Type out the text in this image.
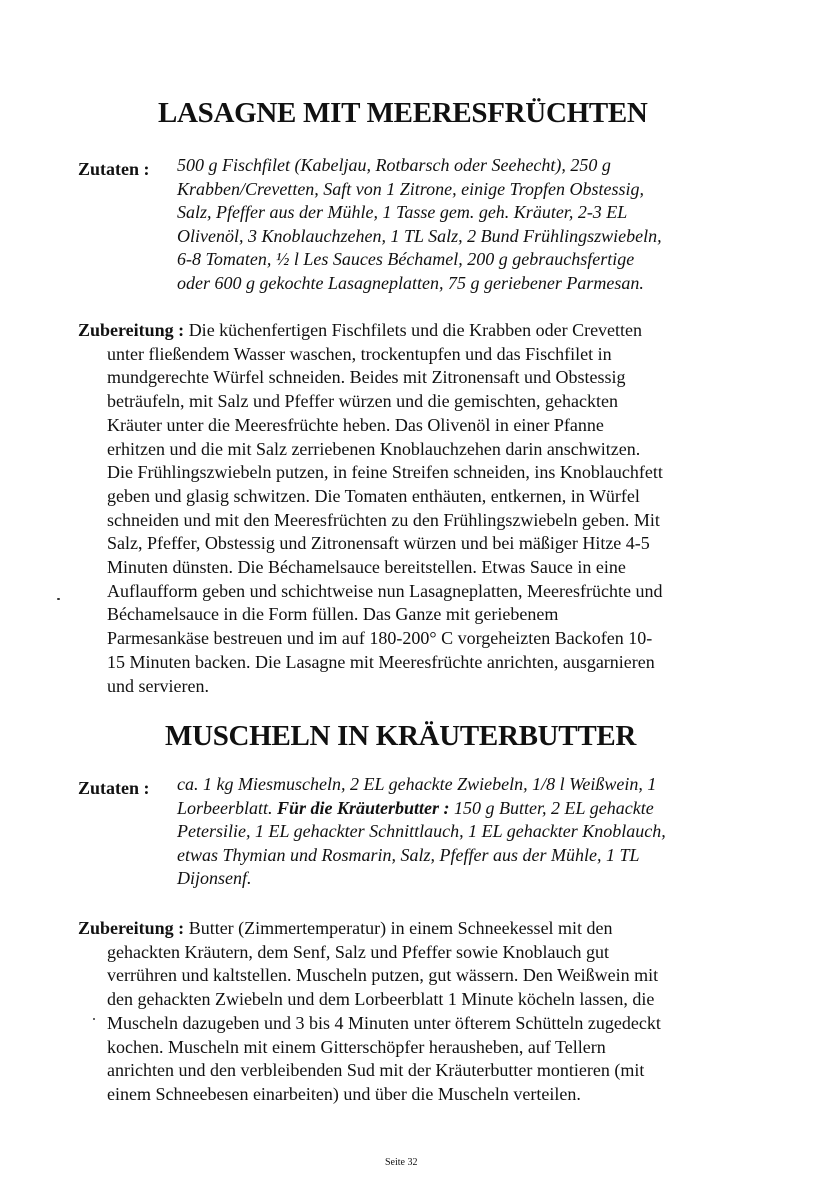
LASAGNE MIT MEERESFRÜCHTEN
Zutaten : 500 g Fischfilet (Kabeljau, Rotbarsch oder Seehecht), 250 g
Krabben/Crevetten, Saft von 1 Zitrone, einige Tropfen Obstessig,
Salz, Pfeffer aus der Mühle, 1 Tasse gem. geh. Kräuter, 2-3 EL
Olivenöl, 3 Knoblauchzehen, 1 TL Salz, 2 Bund Frühlingszwiebeln,
6-8 Tomaten, ½ l Les Sauces Béchamel, 200 g gebrauchsfertige
oder 600 g gekochte Lasagneplatten, 75 g geriebener Parmesan.
Zubereitung : Die küchenfertigen Fischfilets und die Krabben oder Crevetten
unter fließendem Wasser waschen, trockentupfen und das Fischfilet in
mundgerechte Würfel schneiden. Beides mit Zitronensaft und Obstessig
beträufeln, mit Salz und Pfeffer würzen und die gemischten, gehackten
Kräuter unter die Meeresfrüchte heben. Das Olivenöl in einer Pfanne
erhitzen und die mit Salz zerriebenen Knoblauchzehen darin anschwitzen.
Die Frühlingszwiebeln putzen, in feine Streifen schneiden, ins Knoblauchfett
geben und glasig schwitzen. Die Tomaten enthäuten, entkernen, in Würfel
schneiden und mit den Meeresfrüchten zu den Frühlingszwiebeln geben. Mit
Salz, Pfeffer, Obstessig und Zitronensaft würzen und bei mäßiger Hitze 4-5
Minuten dünsten. Die Béchamelsauce bereitstellen. Etwas Sauce in eine
Auflaufform geben und schichtweise nun Lasagneplatten, Meeresfrüchte und
Béchamelsauce in die Form füllen. Das Ganze mit geriebenem
Parmesankäse bestreuen und im auf 180-200° C vorgeheizten Backofen 10-
15 Minuten backen. Die Lasagne mit Meeresfrüchte anrichten, ausgarnieren
und servieren.
MUSCHELN IN KRÄUTERBUTTER
Zutaten : ca. 1 kg Miesmuscheln, 2 EL gehackte Zwiebeln, 1/8 l Weißwein, 1
Lorbeerblatt. Für die Kräuterbutter : 150 g Butter, 2 EL gehackte
Petersilie, 1 EL gehackter Schnittlauch, 1 EL gehackter Knoblauch,
etwas Thymian und Rosmarin, Salz, Pfeffer aus der Mühle, 1 TL
Dijonsenf.
Zubereitung : Butter (Zimmertemperatur) in einem Schneekessel mit den
gehackten Kräutern, dem Senf, Salz und Pfeffer sowie Knoblauch gut
verrühren und kaltstellen. Muscheln putzen, gut wässern. Den Weißwein mit
den gehackten Zwiebeln und dem Lorbeerblatt 1 Minute köcheln lassen, die
Muscheln dazugeben und 3 bis 4 Minuten unter öfterem Schütteln zugedeckt
kochen. Muscheln mit einem Gitterschöpfer herausheben, auf Tellern
anrichten und den verbleibenden Sud mit der Kräuterbutter montieren (mit
einem Schneebesen einarbeiten) und über die Muscheln verteilen.
Seite 32
